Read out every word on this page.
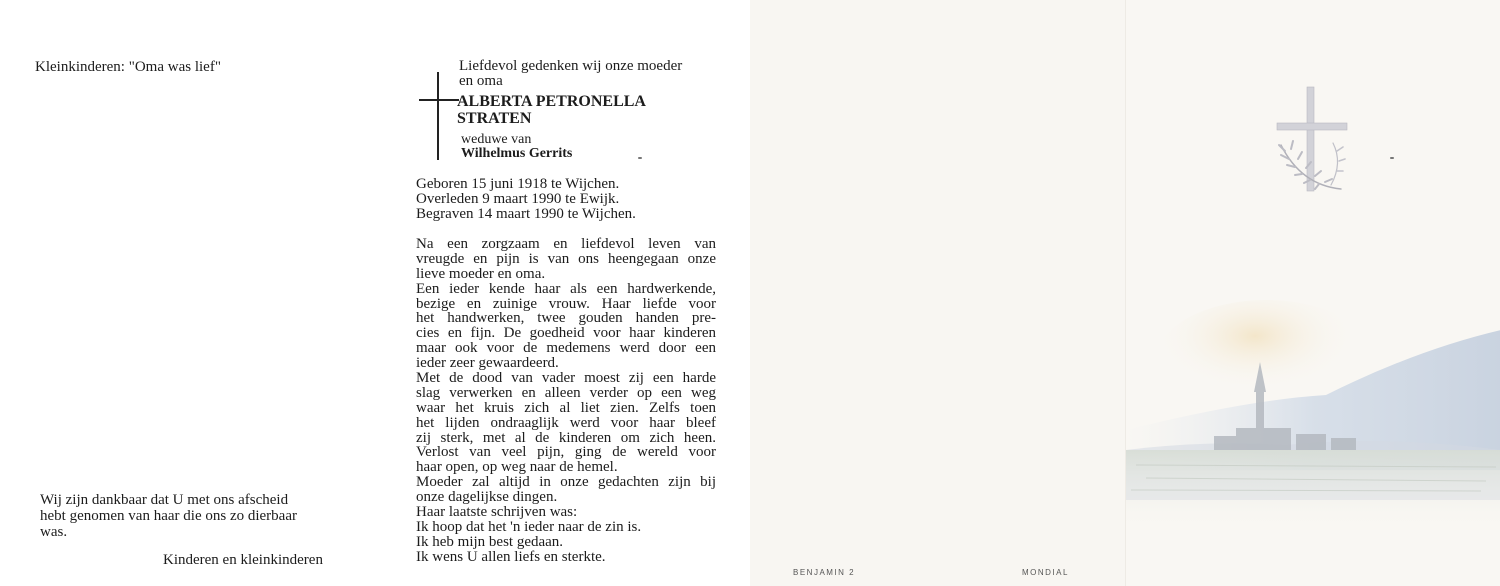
Kleinkinderen: "Oma was lief"
Wij zijn dankbaar dat U met ons afscheid
hebt genomen van haar die ons zo dierbaar
was.
Kinderen en kleinkinderen
Liefdevol gedenken wij onze moeder
en oma
ALBERTA PETRONELLA
STRATEN
weduwe van
Wilhelmus Gerrits
Geboren 15 juni 1918 te Wijchen.
Overleden 9 maart 1990 te Ewijk.
Begraven 14 maart 1990 te Wijchen.
Na een zorgzaam en liefdevol leven van
vreugde en pijn is van ons heengegaan onze
lieve moeder en oma.
Een ieder kende haar als een hardwerkende,
bezige en zuinige vrouw. Haar liefde voor
het handwerken, twee gouden handen pre-
cies en fijn. De goedheid voor haar kinderen
maar ook voor de medemens werd door een
ieder zeer gewaardeerd.
Met de dood van vader moest zij een harde
slag verwerken en alleen verder op een weg
waar het kruis zich al liet zien. Zelfs toen
het lijden ondraaglijk werd voor haar bleef
zij sterk, met al de kinderen om zich heen.
Verlost van veel pijn, ging de wereld voor
haar open, op weg naar de hemel.
Moeder zal altijd in onze gedachten zijn bij
onze dagelijkse dingen.
Haar laatste schrijven was:
Ik hoop dat het 'n ieder naar de zin is.
Ik heb mijn best gedaan.
Ik wens U allen liefs en sterkte.
BENJAMIN 2	MONDIAL
